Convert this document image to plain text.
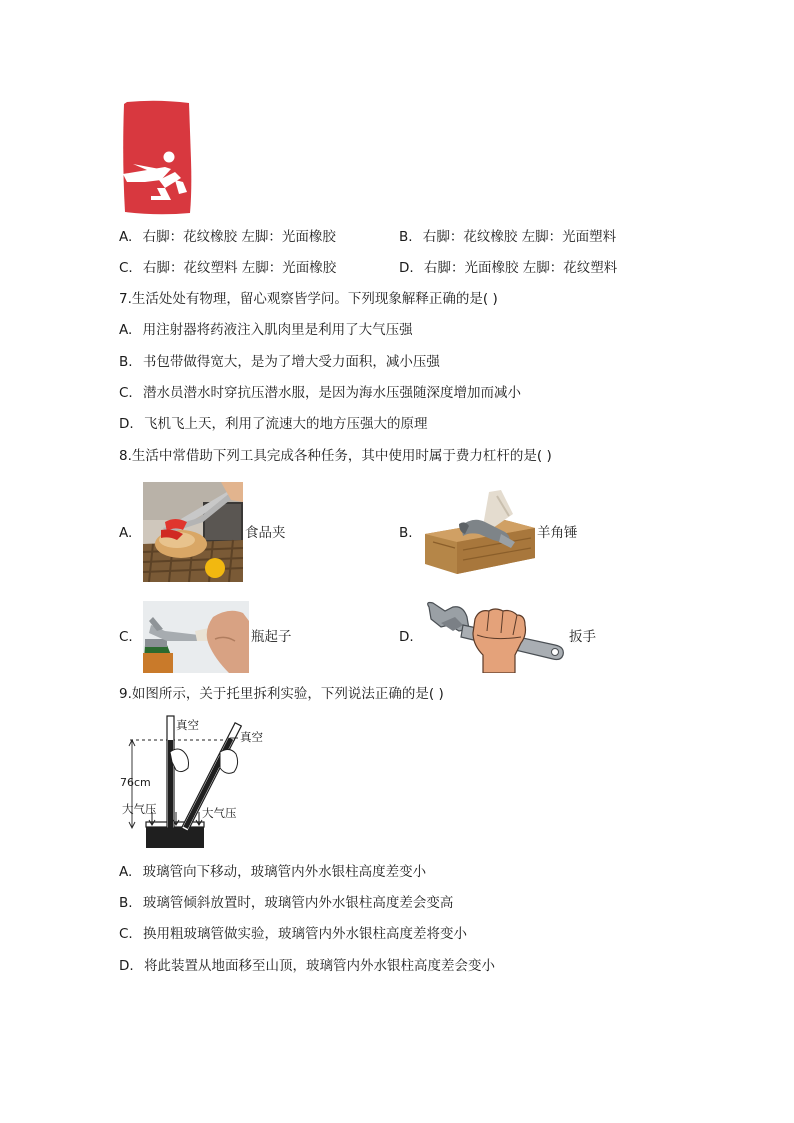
A. 右脚：花纹橡胶 左脚：光面橡胶	B. 右脚：花纹橡胶 左脚：光面塑料
C. 右脚：花纹塑料 左脚：光面橡胶	D. 右脚：光面橡胶 左脚：花纹塑料
7.生活处处有物理，留心观察皆学问。下列现象解释正确的是( )
A. 用注射器将药液注入肌肉里是利用了大气压强
B. 书包带做得宽大，是为了增大受力面积，减小压强
C. 潜水员潜水时穿抗压潜水服，是因为海水压强随深度增加而减小
D. 飞机飞上天，利用了流速大的地方压强大的原理
8.生活中常借助下列工具完成各种任务，其中使用时属于费力杠杆的是( )
A.	食品夹	B.	羊角锤
C.	瓶起子	D.	扳手
9.如图所示，关于托里拆利实验，下列说法正确的是( )
真空
真空
76cm
大气压	大气压
A. 玻璃管向下移动，玻璃管内外水银柱高度差变小
B. 玻璃管倾斜放置时，玻璃管内外水银柱高度差会变高
C. 换用粗玻璃管做实验，玻璃管内外水银柱高度差将变小
D. 将此装置从地面移至山顶，玻璃管内外水银柱高度差会变小
